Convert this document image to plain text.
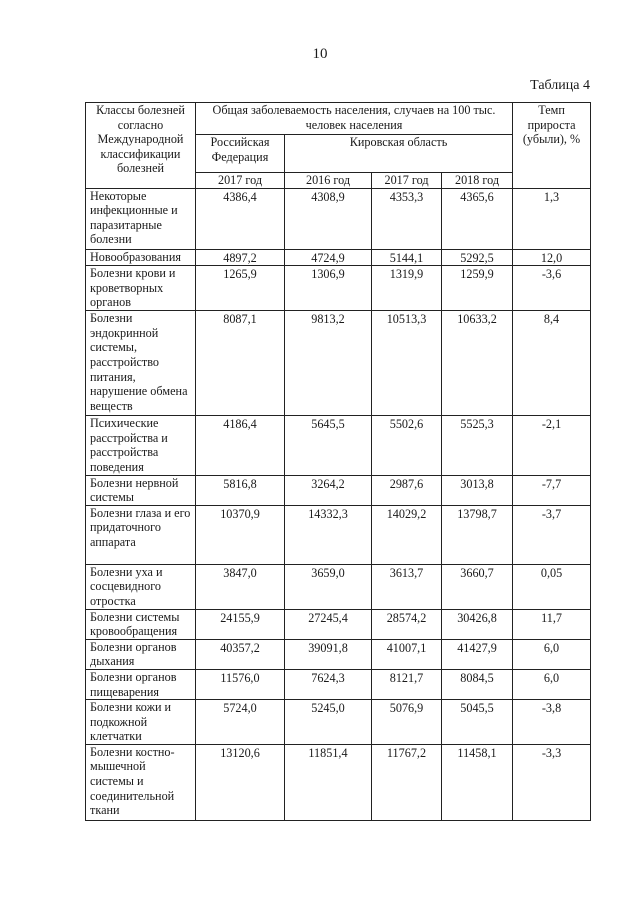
10
Таблица 4
Классы болезней согласно Международной классификации болезней	Общая заболеваемость населения, случаев на 100 тыс. человек населения				Темп прироста (убыли), %
	Российская Федерация	Кировская область			
	2017 год	2016 год	2017 год	2018 год	
Некоторые инфекционные и паразитарные болезни	4386,4	4308,9	4353,3	4365,6	1,3
Новообразования	4897,2	4724,9	5144,1	5292,5	12,0
Болезни крови и кроветворных органов	1265,9	1306,9	1319,9	1259,9	-3,6
Болезни эндокринной системы, расстройство питания, нарушение обмена веществ	8087,1	9813,2	10513,3	10633,2	8,4
Психические расстройства и расстройства поведения	4186,4	5645,5	5502,6	5525,3	-2,1
Болезни нервной системы	5816,8	3264,2	2987,6	3013,8	-7,7
Болезни глаза и его придаточного аппарата	10370,9	14332,3	14029,2	13798,7	-3,7
Болезни уха и сосцевидного отростка	3847,0	3659,0	3613,7	3660,7	0,05
Болезни системы кровообращения	24155,9	27245,4	28574,2	30426,8	11,7
Болезни органов дыхания	40357,2	39091,8	41007,1	41427,9	6,0
Болезни органов пищеварения	11576,0	7624,3	8121,7	8084,5	6,0
Болезни кожи и подкожной клетчатки	5724,0	5245,0	5076,9	5045,5	-3,8
Болезни костно-мышечной системы и соединительной ткани	13120,6	11851,4	11767,2	11458,1	-3,3
